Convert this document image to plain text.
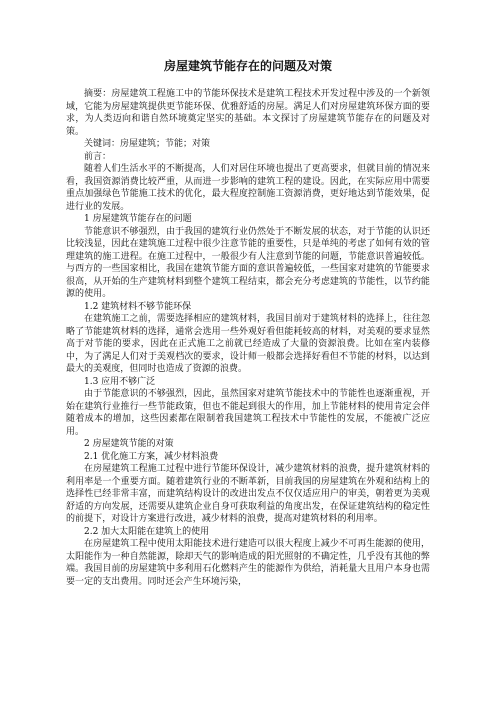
房屋建筑节能存在的问题及对策

摘要：房屋建筑工程施工中的节能环保技术是建筑工程技术开发过程中涉及的一个新领域，它能为房屋建筑提供更节能环保、优雅舒适的房屋。满足人们对房屋建筑环保方面的要求，为人类迈向和谐自然环境奠定坚实的基础。本文探讨了房屋建筑节能存在的问题及对策。

关键词：房屋建筑；节能；对策

前言：

随着人们生活水平的不断提高，人们对居住环境也提出了更高要求，但就目前的情况来看，我国资源消费比较严重，从而进一步影响的建筑工程的建设。因此，在实际应用中需要重点加强绿色节能施工技术的优化，最大程度控制施工资源消费，更好地达到节能效果，促进行业的发展。

1 房屋建筑节能存在的问题

节能意识不够强烈，由于我国的建筑行业仍然处于不断发展的状态，对于节能的认识还比较浅显，因此在建筑施工过程中很少注意节能的重要性，只是单纯的考虑了如何有效的管理建筑的施工进程。在施工过程中，一般很少有人注意到节能的问题，节能意识普遍较低。与西方的一些国家相比，我国在建筑节能方面的意识普遍较低，一些国家对建筑的节能要求很高，从开始的生产建筑材料到整个建筑工程结束，都会充分考虑建筑的节能性，以节约能源的使用。

1.2 建筑材料不够节能环保

在建筑施工之前，需要选择相应的建筑材料，我国目前对于建筑材料的选择上，往往忽略了节能建筑材料的选择，通常会选用一些外观好看但能耗较高的材料，对美观的要求显然高于对节能的要求，因此在正式施工之前就已经造成了大量的资源浪费。比如在室内装修中，为了满足人们对于美观档次的要求，设计师一般都会选择好看但不节能的材料，以达到最大的美观度，但同时也造成了资源的浪费。

1.3 应用不够广泛

由于节能意识的不够强烈，因此，虽然国家对建筑节能技术中的节能性也逐渐重视，开始在建筑行业推行一些节能政策，但也不能起到很大的作用，加上节能材料的使用肯定会伴随着成本的增加，这些因素都在限制着我国建筑工程技术中节能性的发展，不能被广泛应用。

2 房屋建筑节能的对策

2.1 优化施工方案，减少材料浪费

在房屋建筑工程施工过程中进行节能环保设计，减少建筑材料的浪费，提升建筑材料的利用率是一个重要方面。随着建筑行业的不断革新，目前我国的房屋建筑在外观和结构上的选择性已经非常丰富，而建筑结构设计的改进出发点不仅仅适应用户的审美，朝着更为美观舒适的方向发展，还需要从建筑企业自身可获取利益的角度出发，在保证建筑结构的稳定性的前提下，对设计方案进行改进，减少材料的浪费，提高对建筑材料的利用率。

2.2 加大太阳能在建筑上的使用

在房屋建筑工程中使用太阳能技术进行建造可以很大程度上减少不可再生能源的使用，太阳能作为一种自然能源，除却天气的影响造成的阳光照射的不确定性，几乎没有其他的弊端。我国目前的房屋建筑中多利用石化燃料产生的能源作为供给，消耗量大且用户本身也需要一定的支出费用。同时还会产生环境污染，
